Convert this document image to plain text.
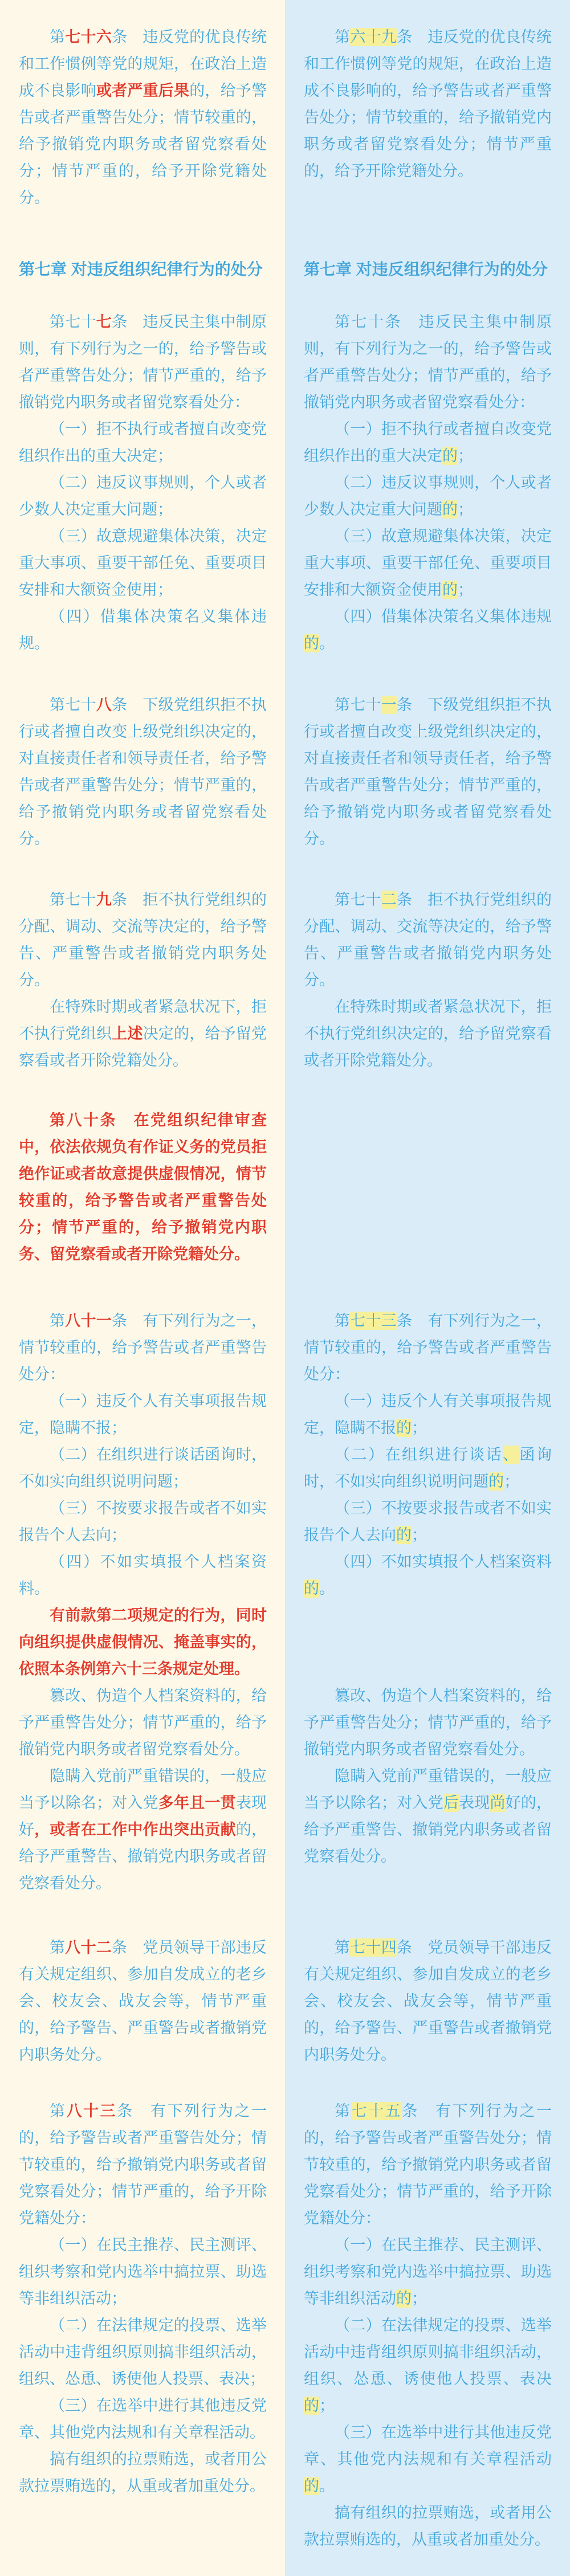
第七十六条　违反党的优良传统和工作惯例等党的规矩，在政治上造成不良影响或者严重后果的，给予警告或者严重警告处分；情节较重的，给予撤销党内职务或者留党察看处分；情节严重的，给予开除党籍处分。

第六十九条　违反党的优良传统和工作惯例等党的规矩，在政治上造成不良影响的，给予警告或者严重警告处分；情节较重的，给予撤销党内职务或者留党察看处分；情节严重的，给予开除党籍处分。

第七章 对违反组织纪律行为的处分	第七章 对违反组织纪律行为的处分

第七十七条　违反民主集中制原则，有下列行为之一的，给予警告或者严重警告处分；情节严重的，给予撤销党内职务或者留党察看处分：

（一）拒不执行或者擅自改变党组织作出的重大决定；

（二）违反议事规则，个人或者少数人决定重大问题；

（三）故意规避集体决策，决定重大事项、重要干部任免、重要项目安排和大额资金使用；

（四）借集体决策名义集体违规。

第七十条　违反民主集中制原则，有下列行为之一的，给予警告或者严重警告处分；情节严重的，给予撤销党内职务或者留党察看处分：

（一）拒不执行或者擅自改变党组织作出的重大决定的；

（二）违反议事规则，个人或者少数人决定重大问题的；

（三）故意规避集体决策，决定重大事项、重要干部任免、重要项目安排和大额资金使用的；

（四）借集体决策名义集体违规的。

第七十八条　下级党组织拒不执行或者擅自改变上级党组织决定的，对直接责任者和领导责任者，给予警告或者严重警告处分；情节严重的，给予撤销党内职务或者留党察看处分。

第七十一条　下级党组织拒不执行或者擅自改变上级党组织决定的，对直接责任者和领导责任者，给予警告或者严重警告处分；情节严重的，给予撤销党内职务或者留党察看处分。

第七十九条　拒不执行党组织的分配、调动、交流等决定的，给予警告、严重警告或者撤销党内职务处分。

在特殊时期或者紧急状况下，拒不执行党组织上述决定的，给予留党察看或者开除党籍处分。

第七十二条　拒不执行党组织的分配、调动、交流等决定的，给予警告、严重警告或者撤销党内职务处分。

在特殊时期或者紧急状况下，拒不执行党组织决定的，给予留党察看或者开除党籍处分。

第八十条　在党组织纪律审查中，依法依规负有作证义务的党员拒绝作证或者故意提供虚假情况，情节较重的，给予警告或者严重警告处分；情节严重的，给予撤销党内职务、留党察看或者开除党籍处分。

第八十一条　有下列行为之一，情节较重的，给予警告或者严重警告处分：

（一）违反个人有关事项报告规定，隐瞒不报；

（二）在组织进行谈话函询时，不如实向组织说明问题；

（三）不按要求报告或者不如实报告个人去向；

（四）不如实填报个人档案资料。

第七十三条　有下列行为之一，情节较重的，给予警告或者严重警告处分：

（一）违反个人有关事项报告规定，隐瞒不报的；

（二）在组织进行谈话、函询时，不如实向组织说明问题的；

（三）不按要求报告或者不如实报告个人去向的；

（四）不如实填报个人档案资料的。

有前款第二项规定的行为，同时向组织提供虚假情况、掩盖事实的，依照本条例第六十三条规定处理。

篡改、伪造个人档案资料的，给予严重警告处分；情节严重的，给予撤销党内职务或者留党察看处分。

篡改、伪造个人档案资料的，给予严重警告处分；情节严重的，给予撤销党内职务或者留党察看处分。

隐瞒入党前严重错误的，一般应当予以除名；对入党多年且一贯表现好，或者在工作中作出突出贡献的，给予严重警告、撤销党内职务或者留党察看处分。

隐瞒入党前严重错误的，一般应当予以除名；对入党后表现尚好的，给予严重警告、撤销党内职务或者留党察看处分。

第八十二条　党员领导干部违反有关规定组织、参加自发成立的老乡会、校友会、战友会等，情节严重的，给予警告、严重警告或者撤销党内职务处分。

第七十四条　党员领导干部违反有关规定组织、参加自发成立的老乡会、校友会、战友会等，情节严重的，给予警告、严重警告或者撤销党内职务处分。

第八十三条　有下列行为之一的，给予警告或者严重警告处分；情节较重的，给予撤销党内职务或者留党察看处分；情节严重的，给予开除党籍处分：

（一）在民主推荐、民主测评、组织考察和党内选举中搞拉票、助选等非组织活动；

（二）在法律规定的投票、选举活动中违背组织原则搞非组织活动，组织、怂恿、诱使他人投票、表决；

（三）在选举中进行其他违反党章、其他党内法规和有关章程活动。

搞有组织的拉票贿选，或者用公款拉票贿选的，从重或者加重处分。

第七十五条　有下列行为之一的，给予警告或者严重警告处分；情节较重的，给予撤销党内职务或者留党察看处分；情节严重的，给予开除党籍处分：

（一）在民主推荐、民主测评、组织考察和党内选举中搞拉票、助选等非组织活动的；

（二）在法律规定的投票、选举活动中违背组织原则搞非组织活动，组织、怂恿、诱使他人投票、表决的；

（三）在选举中进行其他违反党章、其他党内法规和有关章程活动的。

搞有组织的拉票贿选，或者用公款拉票贿选的，从重或者加重处分。
